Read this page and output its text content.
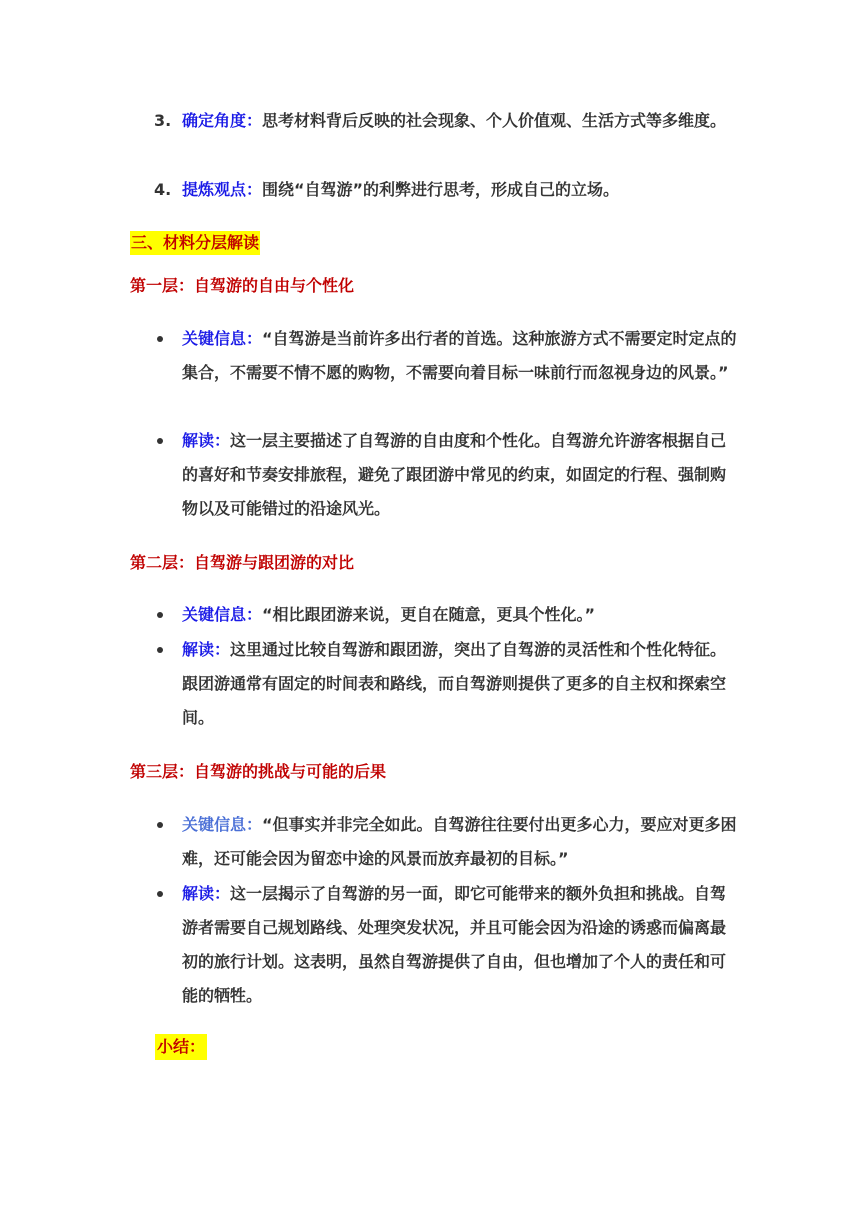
3. 确定角度：思考材料背后反映的社会现象、个人价值观、生活方式等多维度。
4. 提炼观点：围绕“自驾游”的利弊进行思考，形成自己的立场。
三、材料分层解读
第一层：自驾游的自由与个性化
关键信息：“自驾游是当前许多出行者的首选。这种旅游方式不需要定时定点的集合，不需要不情不愿的购物，不需要向着目标一味前行而忽视身边的风景。”
解读：这一层主要描述了自驾游的自由度和个性化。自驾游允许游客根据自己的喜好和节奏安排旅程，避免了跟团游中常见的约束，如固定的行程、强制购物以及可能错过的沿途风光。
第二层：自驾游与跟团游的对比
关键信息：“相比跟团游来说，更自在随意，更具个性化。”
解读：这里通过比较自驾游和跟团游，突出了自驾游的灵活性和个性化特征。跟团游通常有固定的时间表和路线，而自驾游则提供了更多的自主权和探索空间。
第三层：自驾游的挑战与可能的后果
关键信息：“但事实并非完全如此。自驾游往往要付出更多心力，要应对更多困难，还可能会因为留恋中途的风景而放弃最初的目标。”
解读：这一层揭示了自驾游的另一面，即它可能带来的额外负担和挑战。自驾游者需要自己规划路线、处理突发状况，并且可能会因为沿途的诱惑而偏离最初的旅行计划。这表明，虽然自驾游提供了自由，但也增加了个人的责任和可能的牺牲。
小结：
